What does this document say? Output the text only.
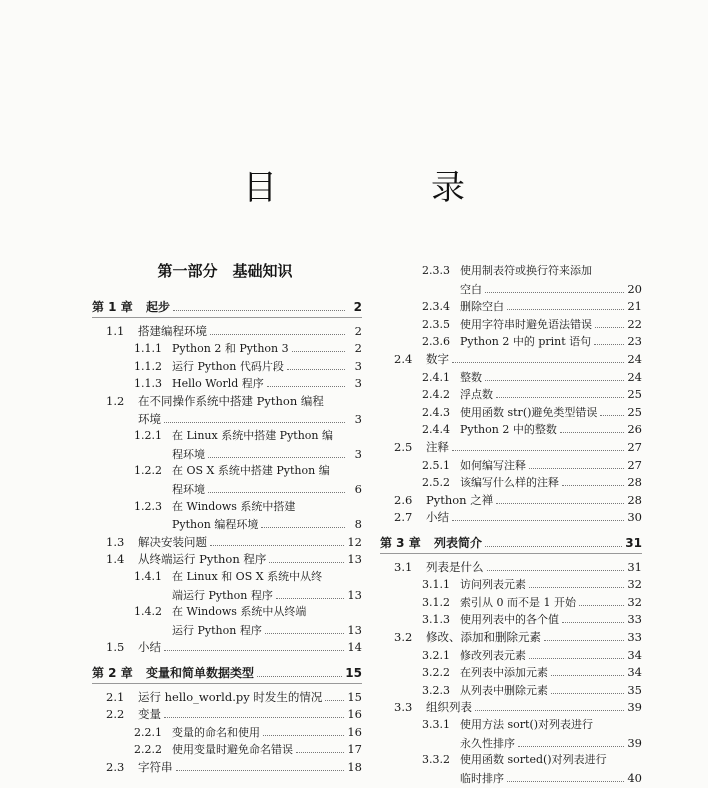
目　录
第一部分　基础知识
第 1 章	起步	2
1.1	搭建编程环境	2
1.1.1 Python 2 和 Python 3	2
1.1.2 运行 Python 代码片段	3
1.1.3 Hello World 程序	3
1.2	在不同操作系统中搭建 Python 编程
环境	3
1.2.1 在 Linux 系统中搭建 Python 编
程环境	3
1.2.2 在 OS X 系统中搭建 Python 编
程环境	6
1.2.3 在 Windows 系统中搭建
Python 编程环境	8
1.3	解决安装问题	12
1.4	从终端运行 Python 程序	13
1.4.1 在 Linux 和 OS X 系统中从终
端运行 Python 程序	13
1.4.2 在 Windows 系统中从终端
运行 Python 程序	13
1.5	小结	14
第 2 章	变量和简单数据类型	15
2.1	运行 hello_world.py 时发生的情况 15
2.2	变量	16
2.2.1 变量的命名和使用	16
2.2.2 使用变量时避免命名错误	17
2.3	字符串	18
2.3.3 使用制表符或换行符来添加
空白	20
2.3.4 删除空白	21
2.3.5 使用字符串时避免语法错误	22
2.3.6 Python 2 中的 print 语句	23
2.4	数字	24
2.4.1 整数	24
2.4.2 浮点数	25
2.4.3 使用函数 str()避免类型错误	25
2.4.4 Python 2 中的整数	26
2.5	注释	27
2.5.1 如何编写注释	27
2.5.2 该编写什么样的注释	28
2.6	Python 之禅	28
2.7	小结	30
第 3 章	列表简介	31
3.1	列表是什么	31
3.1.1 访问列表元素	32
3.1.2 索引从 0 而不是 1 开始	32
3.1.3 使用列表中的各个值	33
3.2	修改、添加和删除元素	33
3.2.1 修改列表元素	34
3.2.2 在列表中添加元素	34
3.2.3 从列表中删除元素	35
3.3	组织列表	39
3.3.1 使用方法 sort()对列表进行
永久性排序	39
3.3.2 使用函数 sorted()对列表进行
临时排序	40
